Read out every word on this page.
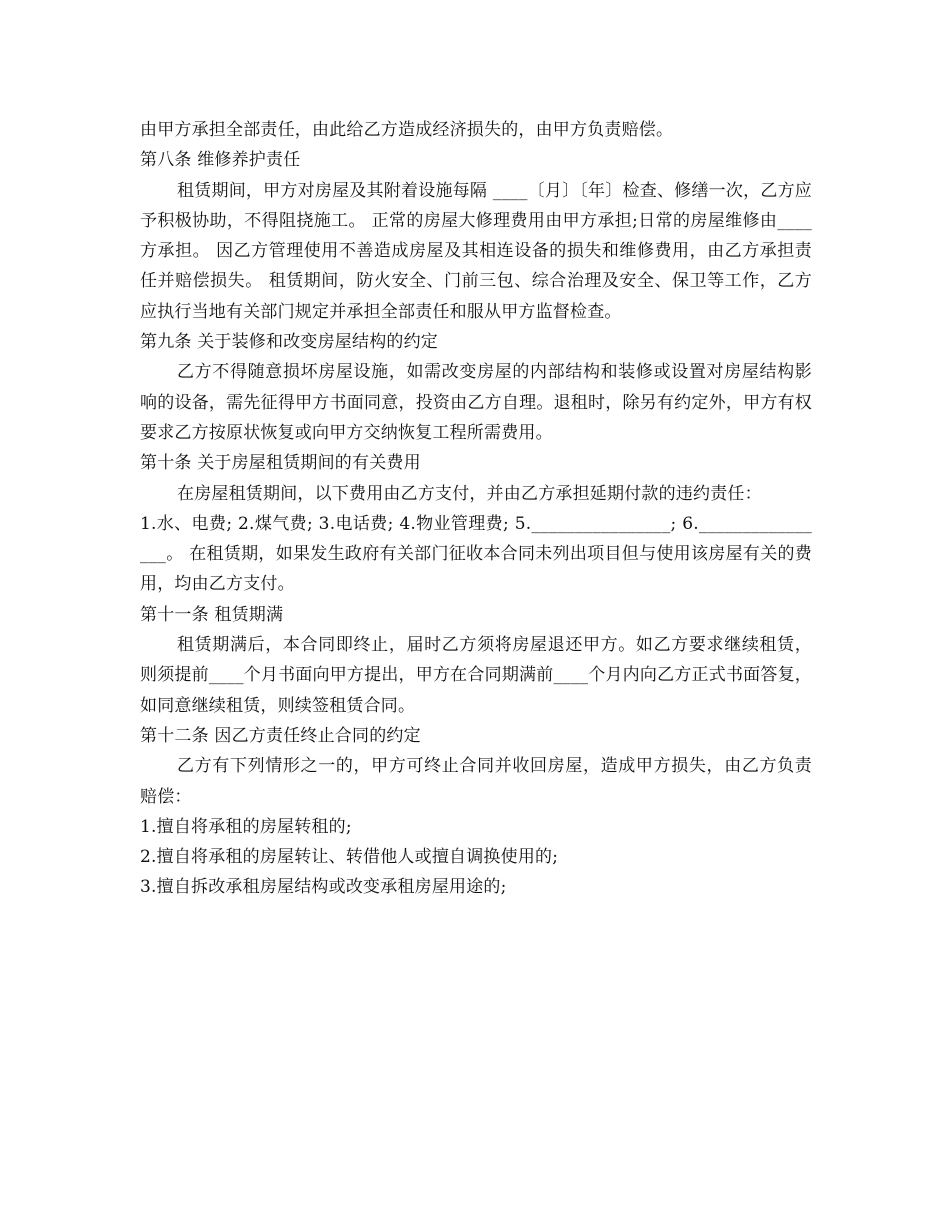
由甲方承担全部责任，由此给乙方造成经济损失的，由甲方负责赔偿。

第八条 维修养护责任

租赁期间，甲方对房屋及其附着设施每隔 ____〔月〕〔年〕检查、修缮一次，乙方应予积极协助，不得阻挠施工。 正常的房屋大修理费用由甲方承担;日常的房屋维修由____方承担。 因乙方管理使用不善造成房屋及其相连设备的损失和维修费用，由乙方承担责任并赔偿损失。 租赁期间，防火安全、门前三包、综合治理及安全、保卫等工作，乙方应执行当地有关部门规定并承担全部责任和服从甲方监督检查。

第九条 关于装修和改变房屋结构的约定

乙方不得随意损坏房屋设施，如需改变房屋的内部结构和装修或设置对房屋结构影响的设备，需先征得甲方书面同意，投资由乙方自理。退租时，除另有约定外，甲方有权要求乙方按原状恢复或向甲方交纳恢复工程所需费用。

第十条 关于房屋租赁期间的有关费用

在房屋租赁期间，以下费用由乙方支付，并由乙方承担延期付款的违约责任：

1.水、电费; 2.煤气费; 3.电话费; 4.物业管理费; 5.________________; 6.________________。 在租赁期，如果发生政府有关部门征收本合同未列出项目但与使用该房屋有关的费用，均由乙方支付。

第十一条 租赁期满

租赁期满后，本合同即终止，届时乙方须将房屋退还甲方。如乙方要求继续租赁，则须提前____个月书面向甲方提出，甲方在合同期满前____个月内向乙方正式书面答复，如同意继续租赁，则续签租赁合同。

第十二条 因乙方责任终止合同的约定

乙方有下列情形之一的，甲方可终止合同并收回房屋，造成甲方损失，由乙方负责赔偿：

1.擅自将承租的房屋转租的;

2.擅自将承租的房屋转让、转借他人或擅自调换使用的;

3.擅自拆改承租房屋结构或改变承租房屋用途的;
